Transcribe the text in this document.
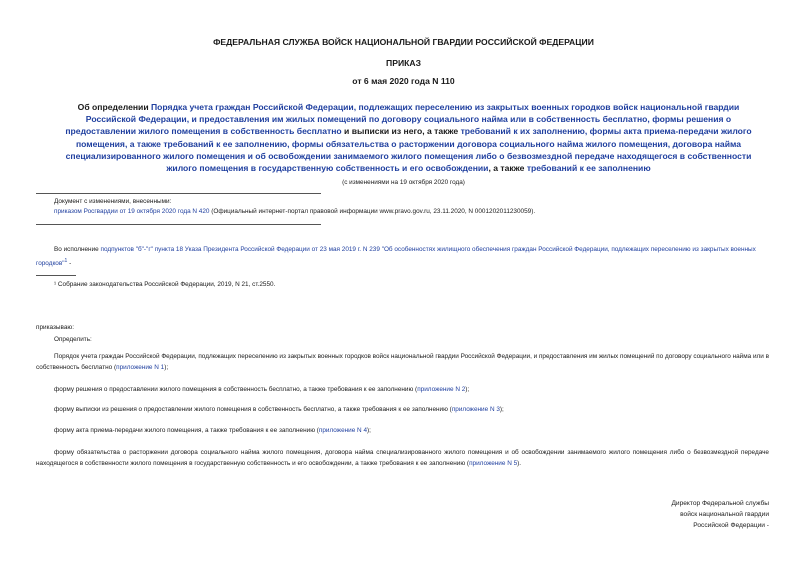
ФЕДЕРАЛЬНАЯ СЛУЖБА ВОЙСК НАЦИОНАЛЬНОЙ ГВАРДИИ РОССИЙСКОЙ ФЕДЕРАЦИИ
ПРИКАЗ
от 6 мая 2020 года N 110
Об определении Порядка учета граждан Российской Федерации, подлежащих переселению из закрытых военных городков войск национальной гвардии Российской Федерации, и предоставления им жилых помещений по договору социального найма или в собственность бесплатно, формы решения о предоставлении жилого помещения в собственность бесплатно и выписки из него, а также требований к их заполнению, формы акта приема-передачи жилого помещения, а также требований к ее заполнению, формы обязательства о расторжении договора социального найма жилого помещения, договора найма специализированного жилого помещения и об освобождении занимаемого жилого помещения либо о безвозмездной передаче находящегося в собственности жилого помещения в государственную собственность и его освобождении, а также требований к ее заполнению
(с изменениями на 19 октября 2020 года)
Документ с изменениями, внесенными:
приказом Росгвардии от 19 октября 2020 года N 420 (Официальный интернет-портал правовой информации www.pravo.gov.ru, 23.11.2020, N 0001202011230059).
Во исполнение подпунктов "б"-"г" пункта 18 Указа Президента Российской Федерации от 23 мая 2019 г. N 239 "Об особенностях жилищного обеспечения граждан Российской Федерации, подлежащих переселению из закрытых военных городков"$^1$ -
¹ Собрание законодательства Российской Федерации, 2019, N 21, ст.2550.
приказываю:
Определить:
Порядок учета граждан Российской Федерации, подлежащих переселению из закрытых военных городков войск национальной гвардии Российской Федерации, и предоставления им жилых помещений по договору социального найма или в собственность бесплатно (приложение N 1);
форму решения о предоставлении жилого помещения в собственность бесплатно, а также требования к ее заполнению (приложение N 2);
форму выписки из решения о предоставлении жилого помещения в собственность бесплатно, а также требования к ее заполнению (приложение N 3);
форму акта приема-передачи жилого помещения, а также требования к ее заполнению (приложение N 4);
форму обязательства о расторжении договора социального найма жилого помещения, договора найма специализированного жилого помещения и об освобождении занимаемого жилого помещения либо о безвозмездной передаче находящегося в собственности жилого помещения в государственную собственность и его освобождении, а также требования к ее заполнению (приложение N 5).
Директор Федеральной службы
войск национальной гвардии
Российской Федерации -
